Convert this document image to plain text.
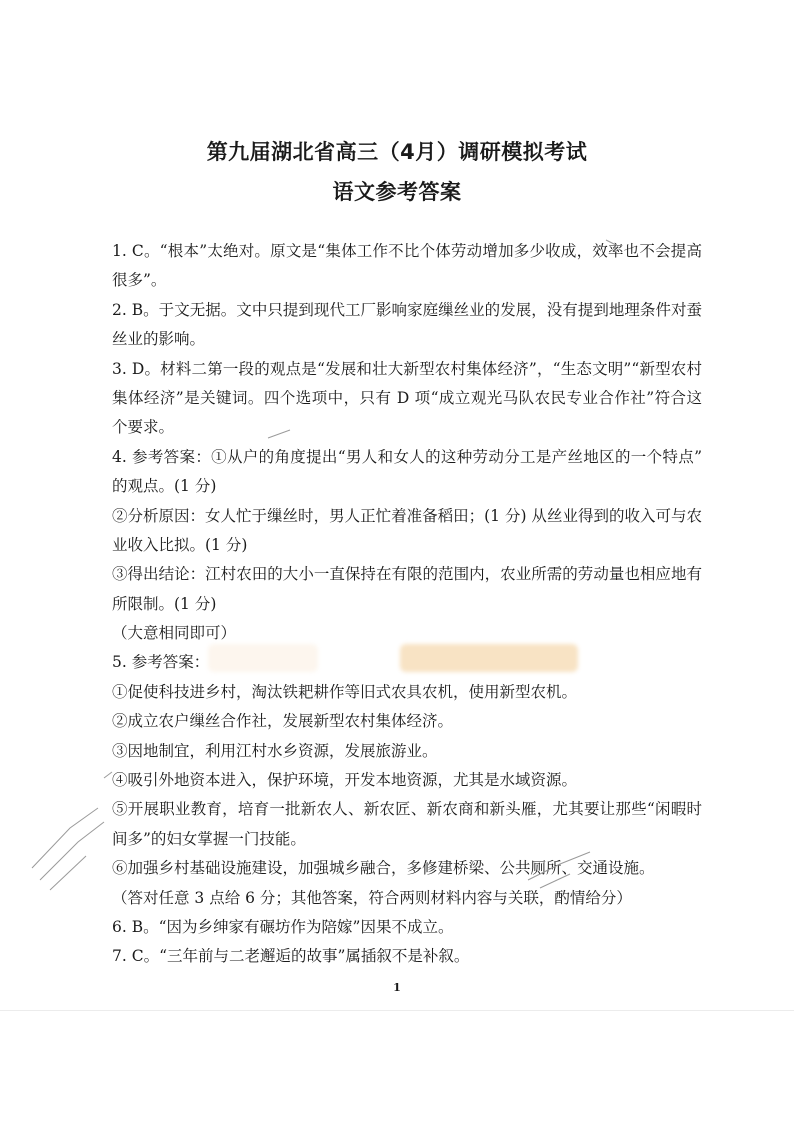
第九届湖北省高三（4月）调研模拟考试
语文参考答案
1. C。“根本”太绝对。原文是“集体工作不比个体劳动增加多少收成，效率也不会提高
很多”。
2. B。于文无据。文中只提到现代工厂影响家庭缫丝业的发展，没有提到地理条件对蚕
丝业的影响。
3. D。材料二第一段的观点是“发展和壮大新型农村集体经济”，“生态文明”“新型农村
集体经济”是关键词。四个选项中，只有 D 项“成立观光马队农民专业合作社”符合这
个要求。
4. 参考答案：①从户的角度提出“男人和女人的这种劳动分工是产丝地区的一个特点”
的观点。(1 分)
②分析原因：女人忙于缫丝时，男人正忙着准备稻田；(1 分) 从丝业得到的收入可与农
业收入比拟。(1 分)
③得出结论：江村农田的大小一直保持在有限的范围内，农业所需的劳动量也相应地有
所限制。(1 分)
（大意相同即可）
5. 参考答案：
①促使科技进乡村，淘汰铁耙耕作等旧式农具农机，使用新型农机。
②成立农户缫丝合作社，发展新型农村集体经济。
③因地制宜，利用江村水乡资源，发展旅游业。
④吸引外地资本进入，保护环境，开发本地资源，尤其是水域资源。
⑤开展职业教育，培育一批新农人、新农匠、新农商和新头雁，尤其要让那些“闲暇时
间多”的妇女掌握一门技能。
⑥加强乡村基础设施建设，加强城乡融合，多修建桥梁、公共厕所、交通设施。
（答对任意 3 点给 6 分；其他答案，符合两则材料内容与关联，酌情给分）
6. B。“因为乡绅家有碾坊作为陪嫁”因果不成立。
7. C。“三年前与二老邂逅的故事”属插叙不是补叙。
1
